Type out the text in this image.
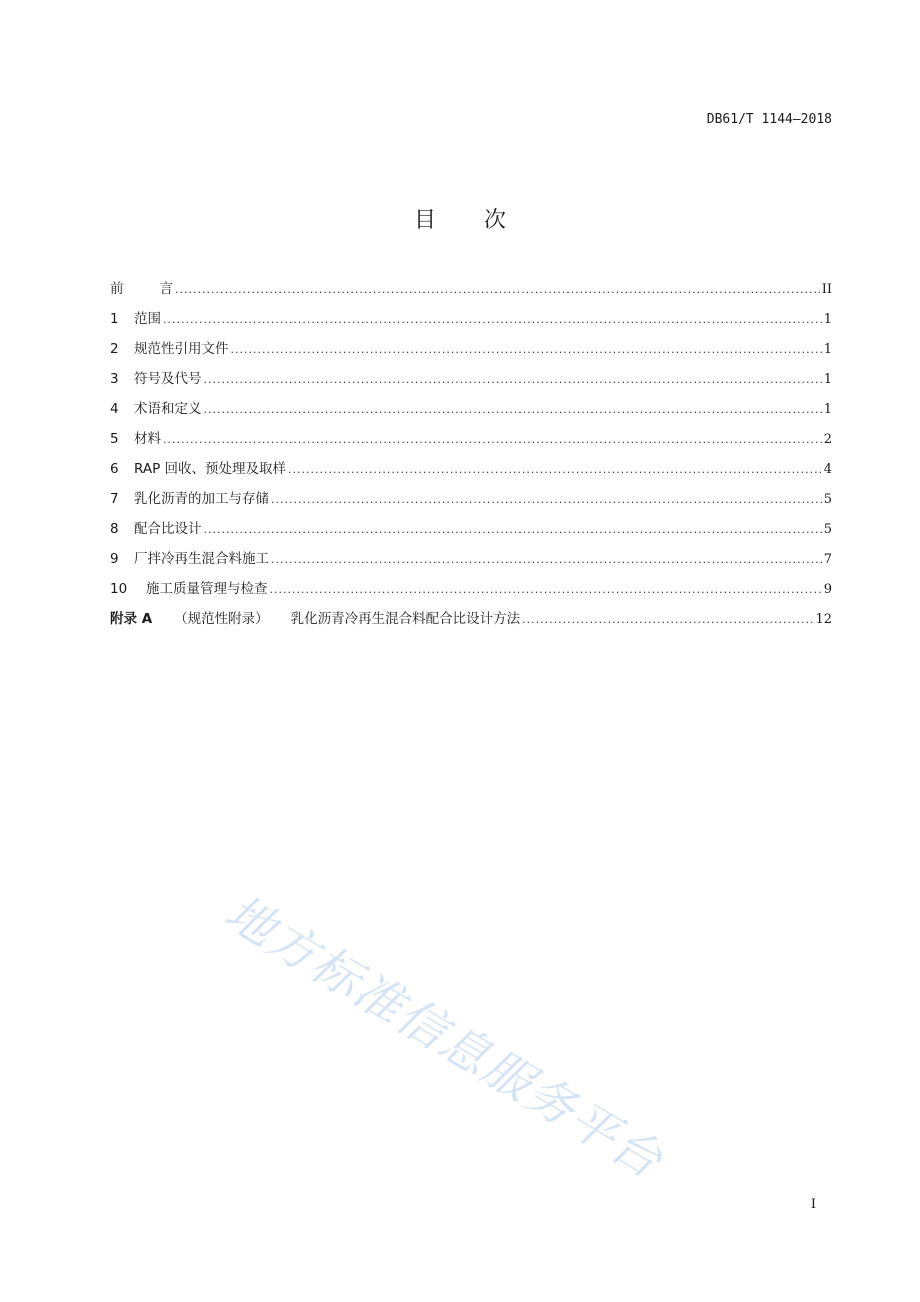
DB61/T 1144—2018
目 次
前	言 .....	II
1	范围 .....	1
2	规范性引用文件 .....	1
3	符号及代号 .....	1
4	术语和定义 .....	1
5	材料 .....	2
6	RAP 回收、预处理及取样 .....	4
7	乳化沥青的加工与存储 .....	5
8	配合比设计 .....	5
9	厂拌冷再生混合料施工 .....	7
10	施工质量管理与检查 .....	9
附录 A （规范性附录） 乳化沥青冷再生混合料配合比设计方法 .....	12
地方标准信息服务平台
I
